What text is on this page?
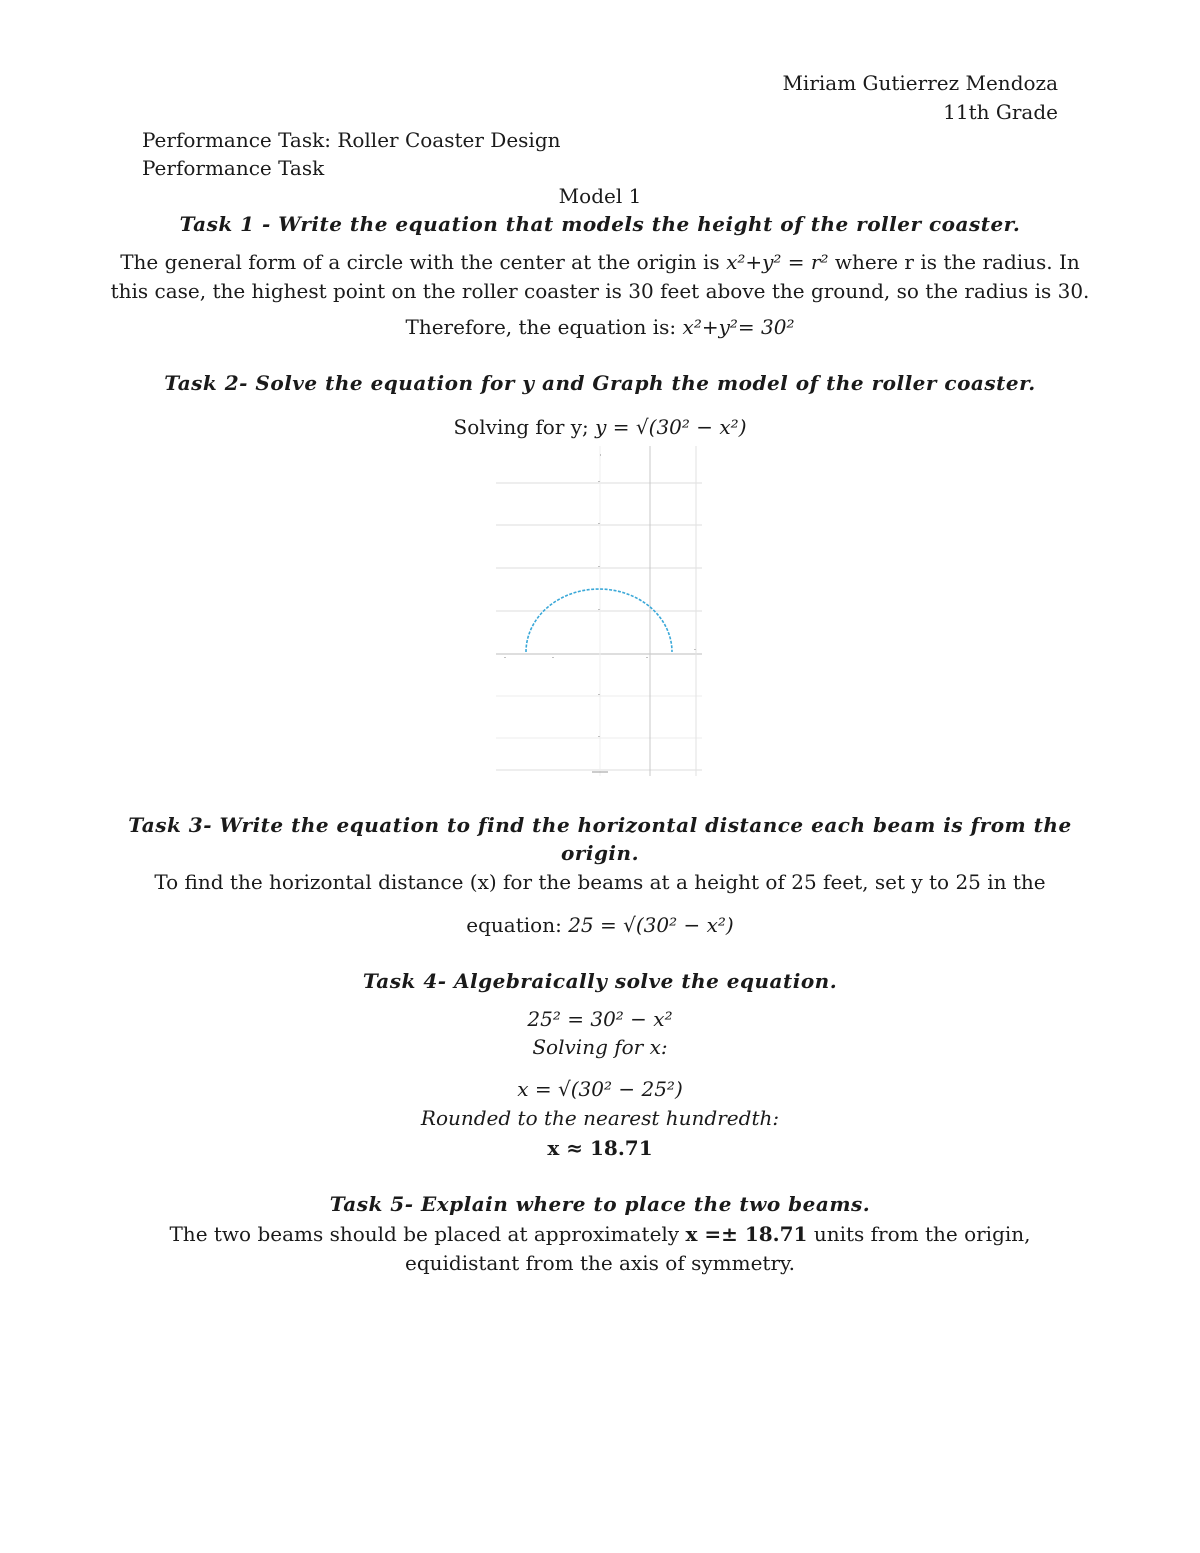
Miriam Gutierrez Mendoza
11th Grade
Performance Task: Roller Coaster Design
Performance Task
Model 1
Task 1 - Write the equation that models the height of the roller coaster.
The general form of a circle with the center at the origin is x²+y² = r² where r is the radius. In
this case, the highest point on the roller coaster is 30 feet above the ground, so the radius is 30.
Therefore, the equation is: x²+y²= 30²
Task 2- Solve the equation for y and Graph the model of the roller coaster.
Solving for y; y = √(30² − x²)
Task 3- Write the equation to find the horizontal distance each beam is from the
origin.
To find the horizontal distance (x) for the beams at a height of 25 feet, set y to 25 in the
equation: 25 = √(30² − x²)
Task 4- Algebraically solve the equation.
25² = 30² − x²
Solving for x:
x = √(30² − 25²)
Rounded to the nearest hundredth:
x ≈ 18.71
Task 5- Explain where to place the two beams.
The two beams should be placed at approximately x =± 18.71 units from the origin,
equidistant from the axis of symmetry.
